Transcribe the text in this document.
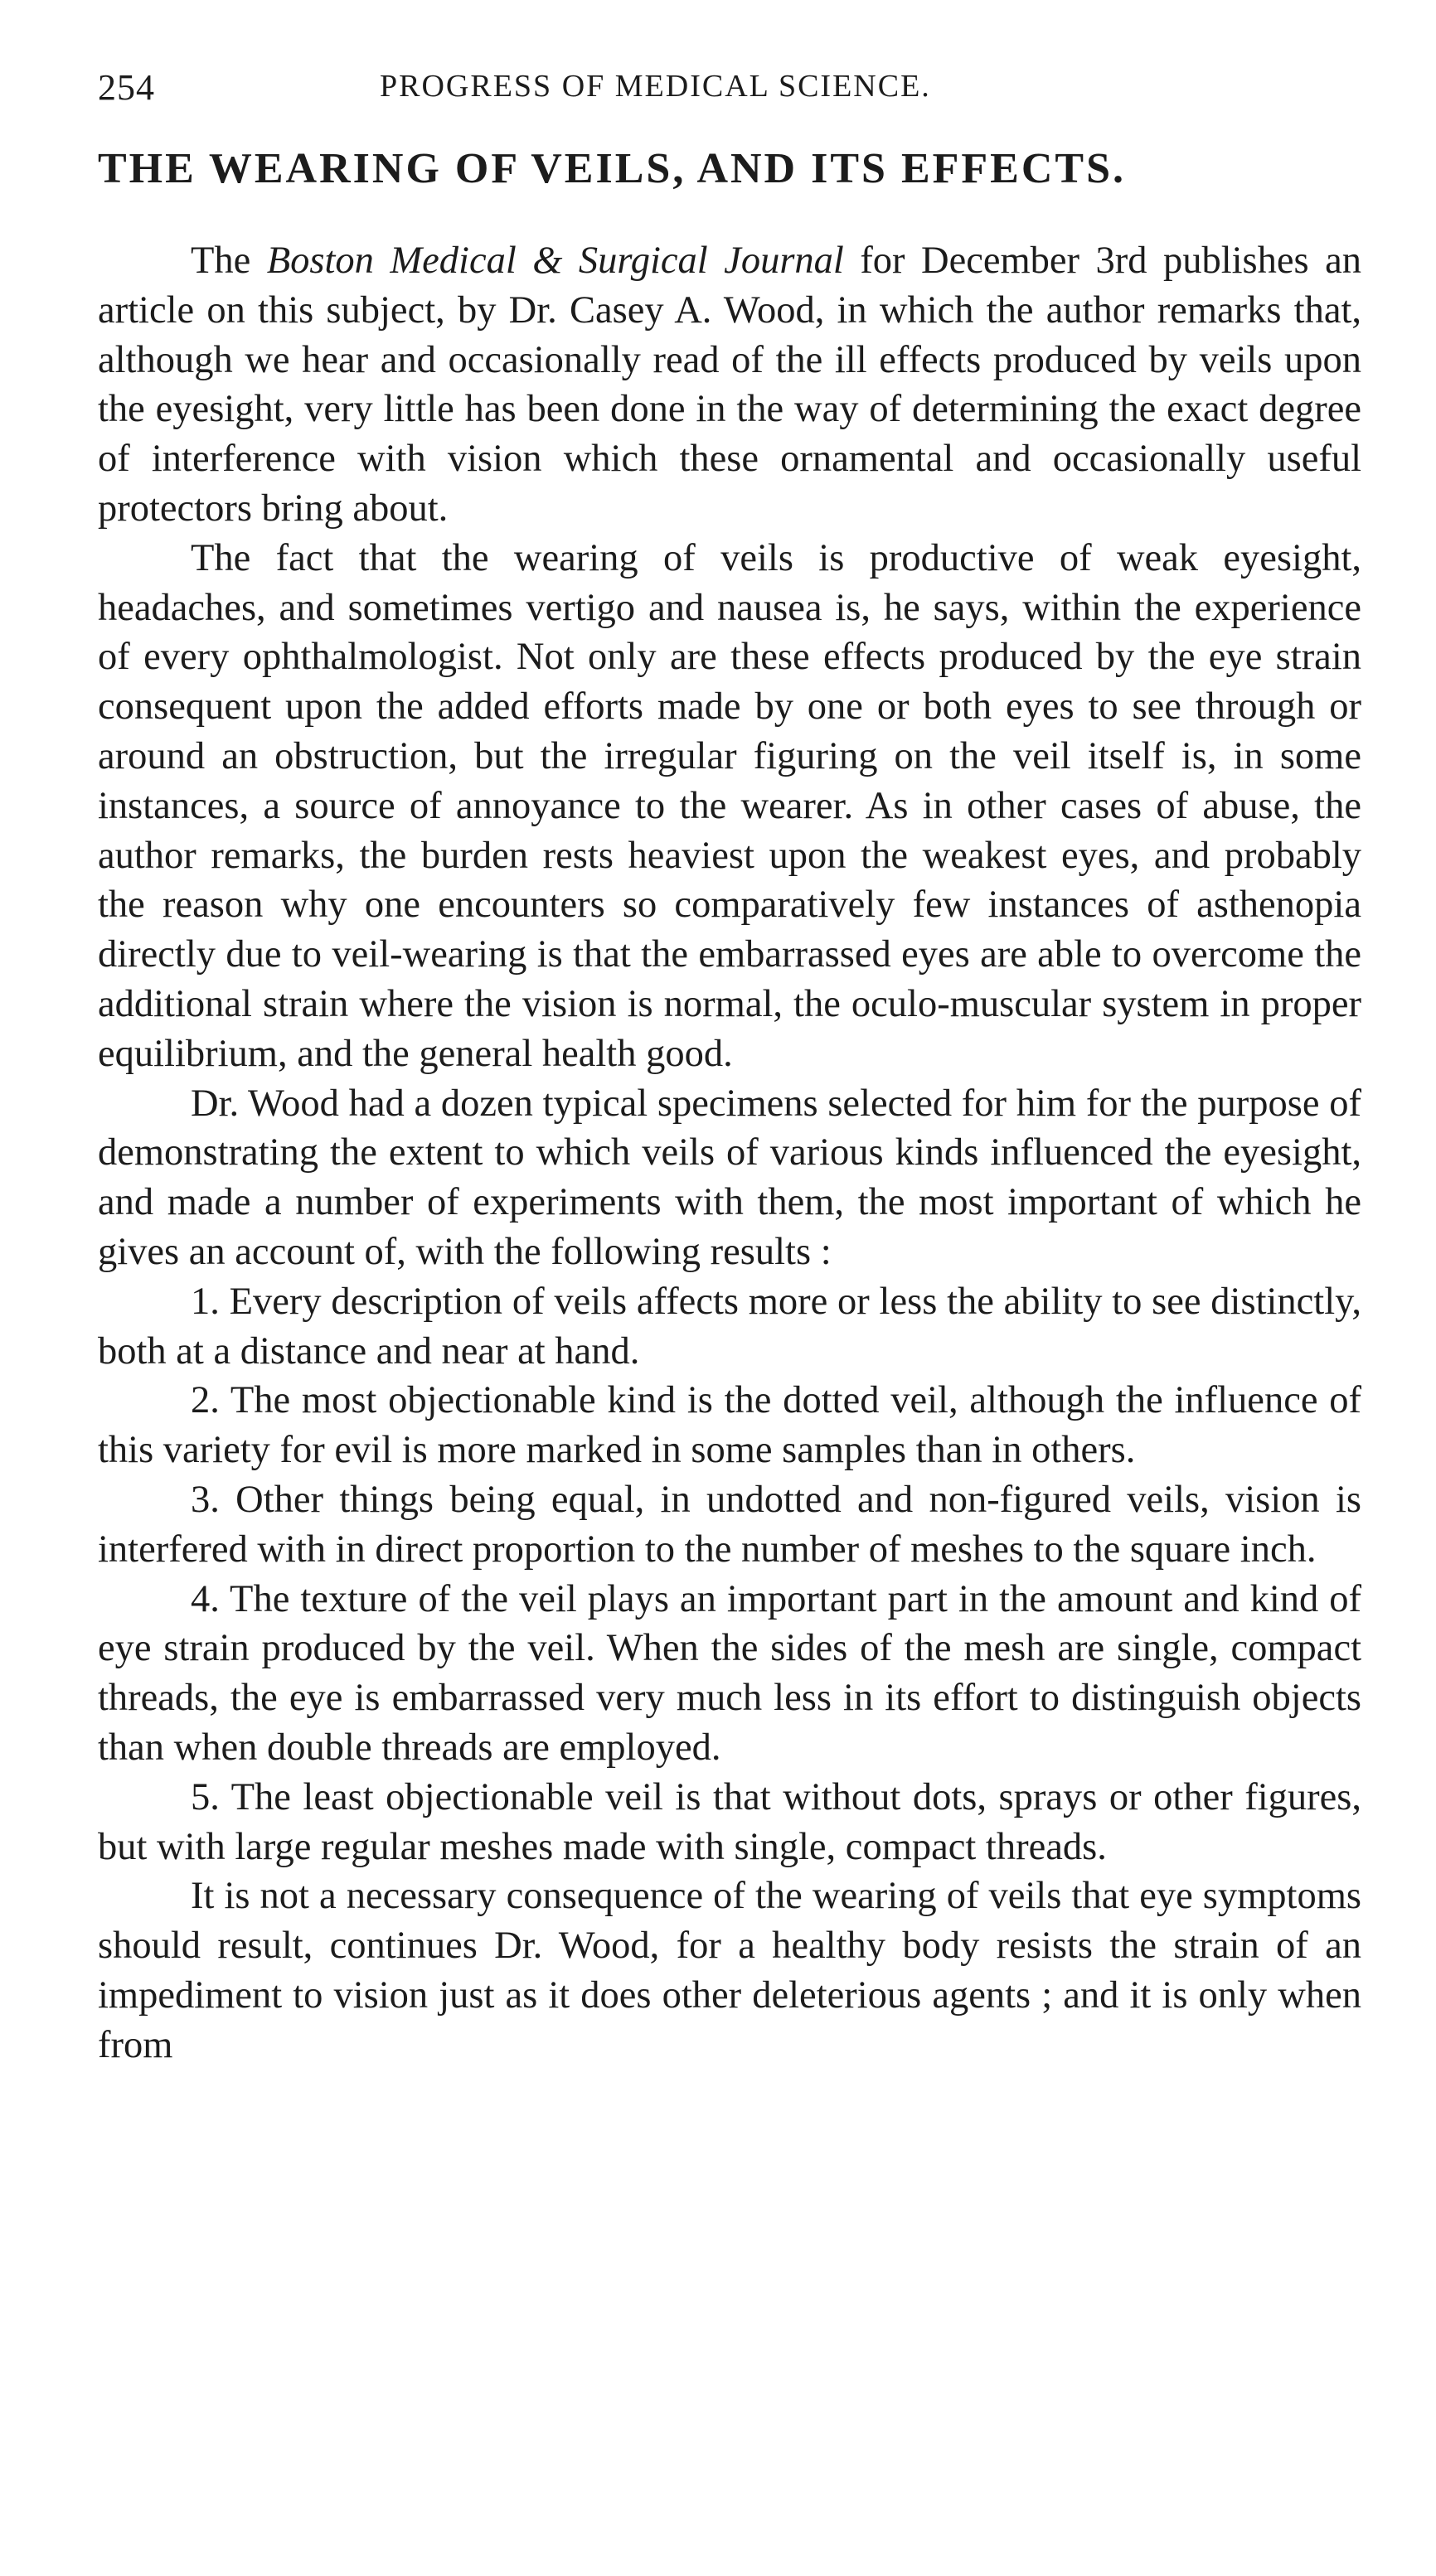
254	PROGRESS OF MEDICAL SCIENCE.
THE WEARING OF VEILS, AND ITS EFFECTS.

The Boston Medical & Surgical Journal for December 3rd publishes an article on this subject, by Dr. Casey A. Wood, in which the author remarks that, although we hear and occasionally read of the ill effects produced by veils upon the eyesight, very little has been done in the way of determining the exact degree of interference with vision which these ornamental and occasionally useful protectors bring about.

The fact that the wearing of veils is productive of weak eyesight, headaches, and sometimes vertigo and nausea is, he says, within the experience of every ophthalmologist. Not only are these effects produced by the eye strain consequent upon the added efforts made by one or both eyes to see through or around an obstruction, but the irregular figuring on the veil itself is, in some instances, a source of annoyance to the wearer. As in other cases of abuse, the author remarks, the burden rests heaviest upon the weakest eyes, and probably the reason why one encounters so comparatively few instances of asthenopia directly due to veil-wearing is that the embarrassed eyes are able to overcome the additional strain where the vision is normal, the oculo-muscular system in proper equilibrium, and the general health good.

Dr. Wood had a dozen typical specimens selected for him for the purpose of demonstrating the extent to which veils of various kinds influenced the eyesight, and made a number of experiments with them, the most important of which he gives an account of, with the following results :

1. Every description of veils affects more or less the ability to see distinctly, both at a distance and near at hand.

2. The most objectionable kind is the dotted veil, although the influence of this variety for evil is more marked in some samples than in others.

3. Other things being equal, in undotted and non-figured veils, vision is interfered with in direct proportion to the number of meshes to the square inch.

4. The texture of the veil plays an important part in the amount and kind of eye strain produced by the veil. When the sides of the mesh are single, compact threads, the eye is embarrassed very much less in its effort to distinguish objects than when double threads are employed.

5. The least objectionable veil is that without dots, sprays or other figures, but with large regular meshes made with single, compact threads.

It is not a necessary consequence of the wearing of veils that eye symptoms should result, continues Dr. Wood, for a healthy body resists the strain of an impediment to vision just as it does other deleterious agents ; and it is only when from
